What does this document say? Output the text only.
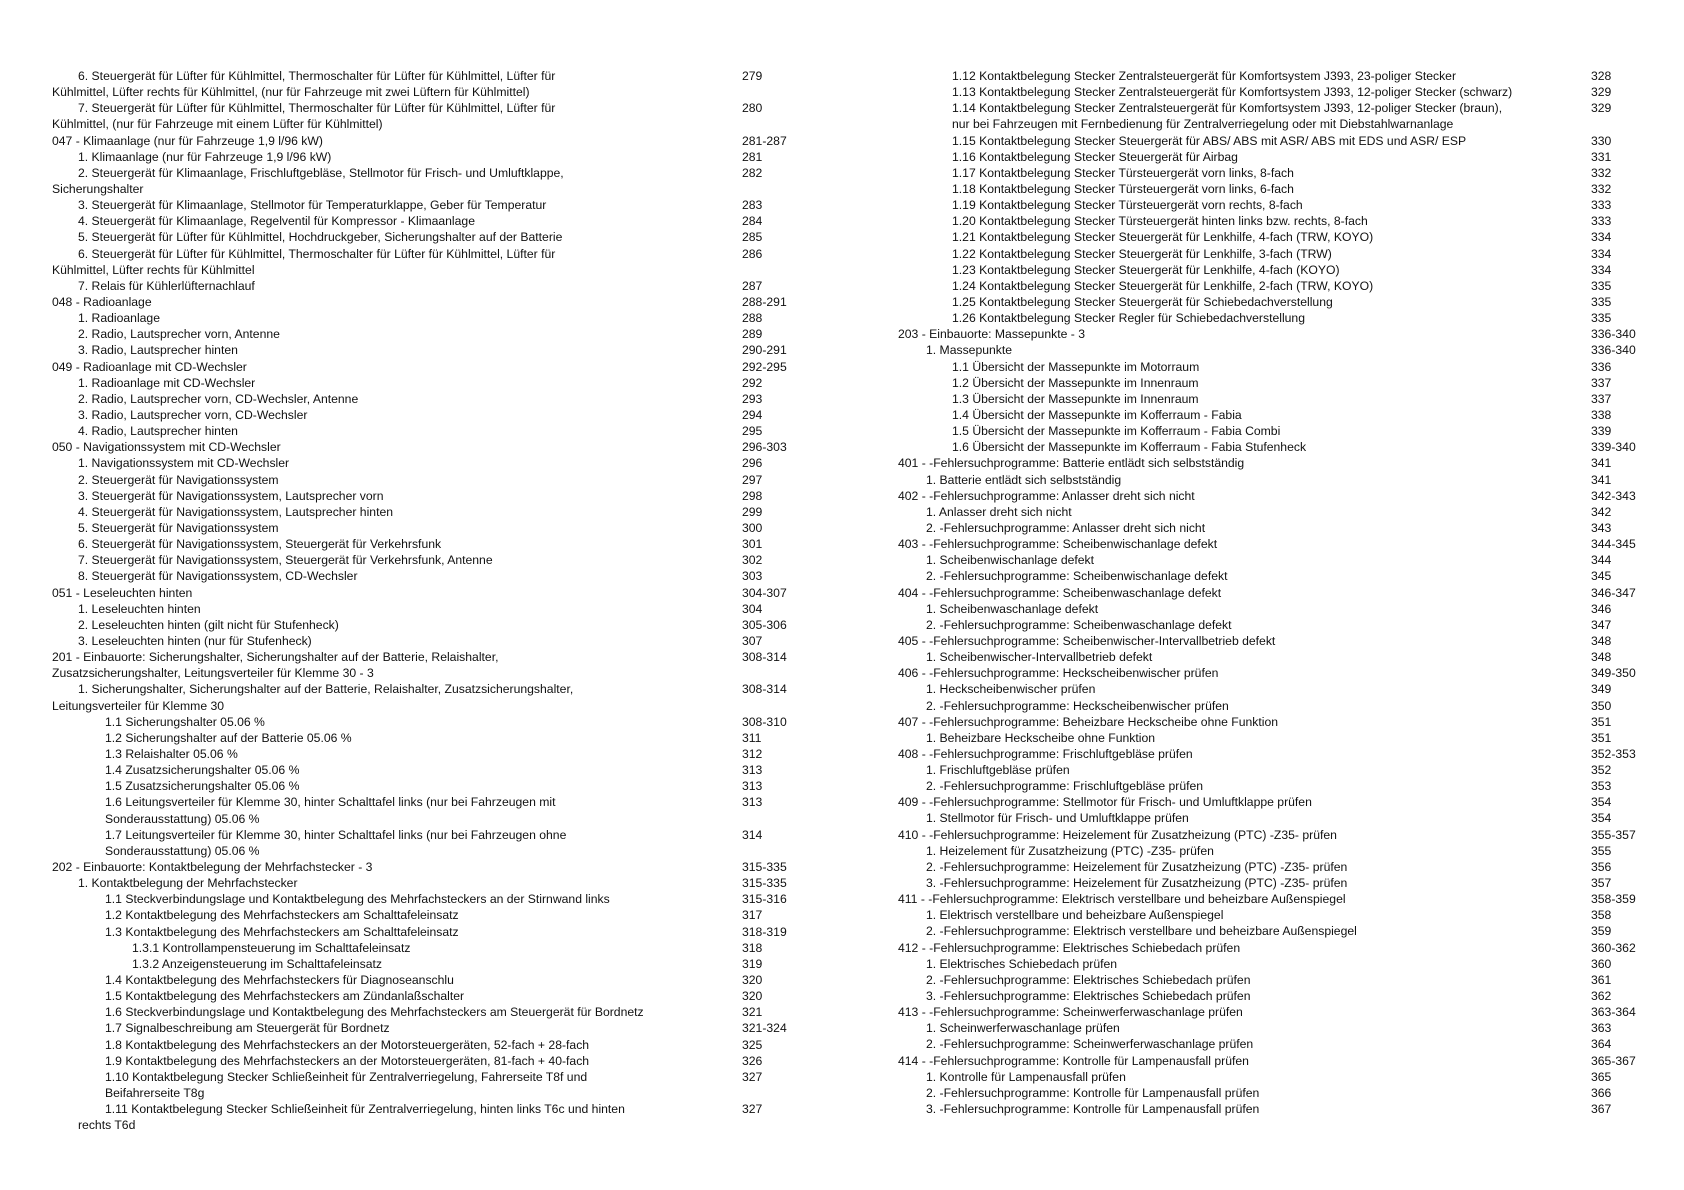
6. Steuergerät für Lüfter für Kühlmittel, Thermoschalter für Lüfter für Kühlmittel, Lüfter für
Kühlmittel, Lüfter rechts für Kühlmittel, (nur für Fahrzeuge mit zwei Lüftern für Kühlmittel)
279
7. Steuergerät für Lüfter für Kühlmittel, Thermoschalter für Lüfter für Kühlmittel, Lüfter für
Kühlmittel, (nur für Fahrzeuge mit einem Lüfter für Kühlmittel)
280
047 - Klimaanlage (nur für Fahrzeuge 1,9 l/96 kW)	281-287
1. Klimaanlage (nur für Fahrzeuge 1,9 l/96 kW)	281
2. Steuergerät für Klimaanlage, Frischluftgebläse, Stellmotor für Frisch- und Umluftklappe,
Sicherungshalter
282
3. Steuergerät für Klimaanlage, Stellmotor für Temperaturklappe, Geber für Temperatur	283
4. Steuergerät für Klimaanlage, Regelventil für Kompressor - Klimaanlage	284
5. Steuergerät für Lüfter für Kühlmittel, Hochdruckgeber, Sicherungshalter auf der Batterie	285
6. Steuergerät für Lüfter für Kühlmittel, Thermoschalter für Lüfter für Kühlmittel, Lüfter für
Kühlmittel, Lüfter rechts für Kühlmittel
286
7. Relais für Kühlerlüfternachlauf	287
048 - Radioanlage	288-291
1. Radioanlage	288
2. Radio, Lautsprecher vorn, Antenne	289
3. Radio, Lautsprecher hinten	290-291
049 - Radioanlage mit CD-Wechsler	292-295
1. Radioanlage mit CD-Wechsler	292
2. Radio, Lautsprecher vorn, CD-Wechsler, Antenne	293
3. Radio, Lautsprecher vorn, CD-Wechsler	294
4. Radio, Lautsprecher hinten	295
050 - Navigationssystem mit CD-Wechsler	296-303
1. Navigationssystem mit CD-Wechsler	296
2. Steuergerät für Navigationssystem	297
3. Steuergerät für Navigationssystem, Lautsprecher vorn	298
4. Steuergerät für Navigationssystem, Lautsprecher hinten	299
5. Steuergerät für Navigationssystem	300
6. Steuergerät für Navigationssystem, Steuergerät für Verkehrsfunk	301
7. Steuergerät für Navigationssystem, Steuergerät für Verkehrsfunk, Antenne	302
8. Steuergerät für Navigationssystem, CD-Wechsler	303
051 - Leseleuchten hinten	304-307
1. Leseleuchten hinten	304
2. Leseleuchten hinten (gilt nicht für Stufenheck)	305-306
3. Leseleuchten hinten (nur für Stufenheck)	307
201 - Einbauorte: Sicherungshalter, Sicherungshalter auf der Batterie, Relaishalter,
Zusatzsicherungshalter, Leitungsverteiler für Klemme 30 - 3
308-314
1. Sicherungshalter, Sicherungshalter auf der Batterie, Relaishalter, Zusatzsicherungshalter,
Leitungsverteiler für Klemme 30
308-314
1.1 Sicherungshalter 05.06 %	308-310
1.2 Sicherungshalter auf der Batterie 05.06 %	311
1.3 Relaishalter 05.06 %	312
1.4 Zusatzsicherungshalter 05.06 %	313
1.5 Zusatzsicherungshalter 05.06 %	313
1.6 Leitungsverteiler für Klemme 30, hinter Schalttafel links (nur bei Fahrzeugen mit
Sonderausstattung) 05.06 %
313
1.7 Leitungsverteiler für Klemme 30, hinter Schalttafel links (nur bei Fahrzeugen ohne
Sonderausstattung) 05.06 %
314
202 - Einbauorte: Kontaktbelegung der Mehrfachstecker - 3	315-335
1. Kontaktbelegung der Mehrfachstecker	315-335
1.1 Steckverbindungslage und Kontaktbelegung des Mehrfachsteckers an der Stirnwand links	315-316
1.2 Kontaktbelegung des Mehrfachsteckers am Schalttafeleinsatz	317
1.3 Kontaktbelegung des Mehrfachsteckers am Schalttafeleinsatz	318-319
1.3.1 Kontrollampensteuerung im Schalttafeleinsatz	318
1.3.2 Anzeigensteuerung im Schalttafeleinsatz	319
1.4 Kontaktbelegung des Mehrfachsteckers für Diagnoseanschlu	320
1.5 Kontaktbelegung des Mehrfachsteckers am Zündanlaßschalter	320
1.6 Steckverbindungslage und Kontaktbelegung des Mehrfachsteckers am Steuergerät für Bordnetz	321
1.7 Signalbeschreibung am Steuergerät für Bordnetz	321-324
1.8 Kontaktbelegung des Mehrfachsteckers an der Motorsteuergeräten, 52-fach + 28-fach	325
1.9 Kontaktbelegung des Mehrfachsteckers an der Motorsteuergeräten, 81-fach + 40-fach	326
1.10 Kontaktbelegung Stecker Schließeinheit für Zentralverriegelung, Fahrerseite T8f und
Beifahrerseite T8g
327
1.11 Kontaktbelegung Stecker Schließeinheit für Zentralverriegelung, hinten links T6c und hinten
rechts T6d
327
1.12 Kontaktbelegung Stecker Zentralsteuergerät für Komfortsystem J393, 23-poliger Stecker	328
1.13 Kontaktbelegung Stecker Zentralsteuergerät für Komfortsystem J393, 12-poliger Stecker (schwarz)	329
1.14 Kontaktbelegung Stecker Zentralsteuergerät für Komfortsystem J393, 12-poliger Stecker (braun),
nur bei Fahrzeugen mit Fernbedienung für Zentralverriegelung oder mit Diebstahlwarnanlage
329
1.15 Kontaktbelegung Stecker Steuergerät für ABS/ ABS mit ASR/ ABS mit EDS und ASR/ ESP	330
1.16 Kontaktbelegung Stecker Steuergerät für Airbag	331
1.17 Kontaktbelegung Stecker Türsteuergerät vorn links, 8-fach	332
1.18 Kontaktbelegung Stecker Türsteuergerät vorn links, 6-fach	332
1.19 Kontaktbelegung Stecker Türsteuergerät vorn rechts, 8-fach	333
1.20 Kontaktbelegung Stecker Türsteuergerät hinten links bzw. rechts, 8-fach	333
1.21 Kontaktbelegung Stecker Steuergerät für Lenkhilfe, 4-fach (TRW, KOYO)	334
1.22 Kontaktbelegung Stecker Steuergerät für Lenkhilfe, 3-fach (TRW)	334
1.23 Kontaktbelegung Stecker Steuergerät für Lenkhilfe, 4-fach (KOYO)	334
1.24 Kontaktbelegung Stecker Steuergerät für Lenkhilfe, 2-fach (TRW, KOYO)	335
1.25 Kontaktbelegung Stecker Steuergerät für Schiebedachverstellung	335
1.26 Kontaktbelegung Stecker Regler für Schiebedachverstellung	335
203 - Einbauorte: Massepunkte - 3	336-340
1. Massepunkte	336-340
1.1 Übersicht der Massepunkte im Motorraum	336
1.2 Übersicht der Massepunkte im Innenraum	337
1.3 Übersicht der Massepunkte im Innenraum	337
1.4 Übersicht der Massepunkte im Kofferraum - Fabia	338
1.5 Übersicht der Massepunkte im Kofferraum - Fabia Combi	339
1.6 Übersicht der Massepunkte im Kofferraum - Fabia Stufenheck	339-340
401 - -Fehlersuchprogramme: Batterie entlädt sich selbstständig	341
1. Batterie entlädt sich selbstständig	341
402 - -Fehlersuchprogramme: Anlasser dreht sich nicht	342-343
1. Anlasser dreht sich nicht	342
2. -Fehlersuchprogramme: Anlasser dreht sich nicht	343
403 - -Fehlersuchprogramme: Scheibenwischanlage defekt	344-345
1. Scheibenwischanlage defekt	344
2. -Fehlersuchprogramme: Scheibenwischanlage defekt	345
404 - -Fehlersuchprogramme: Scheibenwaschanlage defekt	346-347
1. Scheibenwaschanlage defekt	346
2. -Fehlersuchprogramme: Scheibenwaschanlage defekt	347
405 - -Fehlersuchprogramme: Scheibenwischer-Intervallbetrieb defekt	348
1. Scheibenwischer-Intervallbetrieb defekt	348
406 - -Fehlersuchprogramme: Heckscheibenwischer prüfen	349-350
1. Heckscheibenwischer prüfen	349
2. -Fehlersuchprogramme: Heckscheibenwischer prüfen	350
407 - -Fehlersuchprogramme: Beheizbare Heckscheibe ohne Funktion	351
1. Beheizbare Heckscheibe ohne Funktion	351
408 - -Fehlersuchprogramme: Frischluftgebläse prüfen	352-353
1. Frischluftgebläse prüfen	352
2. -Fehlersuchprogramme: Frischluftgebläse prüfen	353
409 - -Fehlersuchprogramme: Stellmotor für Frisch- und Umluftklappe prüfen	354
1. Stellmotor für Frisch- und Umluftklappe prüfen	354
410 - -Fehlersuchprogramme: Heizelement für Zusatzheizung (PTC) -Z35- prüfen	355-357
1. Heizelement für Zusatzheizung (PTC) -Z35- prüfen	355
2. -Fehlersuchprogramme: Heizelement für Zusatzheizung (PTC) -Z35- prüfen	356
3. -Fehlersuchprogramme: Heizelement für Zusatzheizung (PTC) -Z35- prüfen	357
411 - -Fehlersuchprogramme: Elektrisch verstellbare und beheizbare Außenspiegel	358-359
1. Elektrisch verstellbare und beheizbare Außenspiegel	358
2. -Fehlersuchprogramme: Elektrisch verstellbare und beheizbare Außenspiegel	359
412 - -Fehlersuchprogramme: Elektrisches Schiebedach prüfen	360-362
1. Elektrisches Schiebedach prüfen	360
2. -Fehlersuchprogramme: Elektrisches Schiebedach prüfen	361
3. -Fehlersuchprogramme: Elektrisches Schiebedach prüfen	362
413 - -Fehlersuchprogramme: Scheinwerferwaschanlage prüfen	363-364
1. Scheinwerferwaschanlage prüfen	363
2. -Fehlersuchprogramme: Scheinwerferwaschanlage prüfen	364
414 - -Fehlersuchprogramme: Kontrolle für Lampenausfall prüfen	365-367
1. Kontrolle für Lampenausfall prüfen	365
2. -Fehlersuchprogramme: Kontrolle für Lampenausfall prüfen	366
3. -Fehlersuchprogramme: Kontrolle für Lampenausfall prüfen	367
